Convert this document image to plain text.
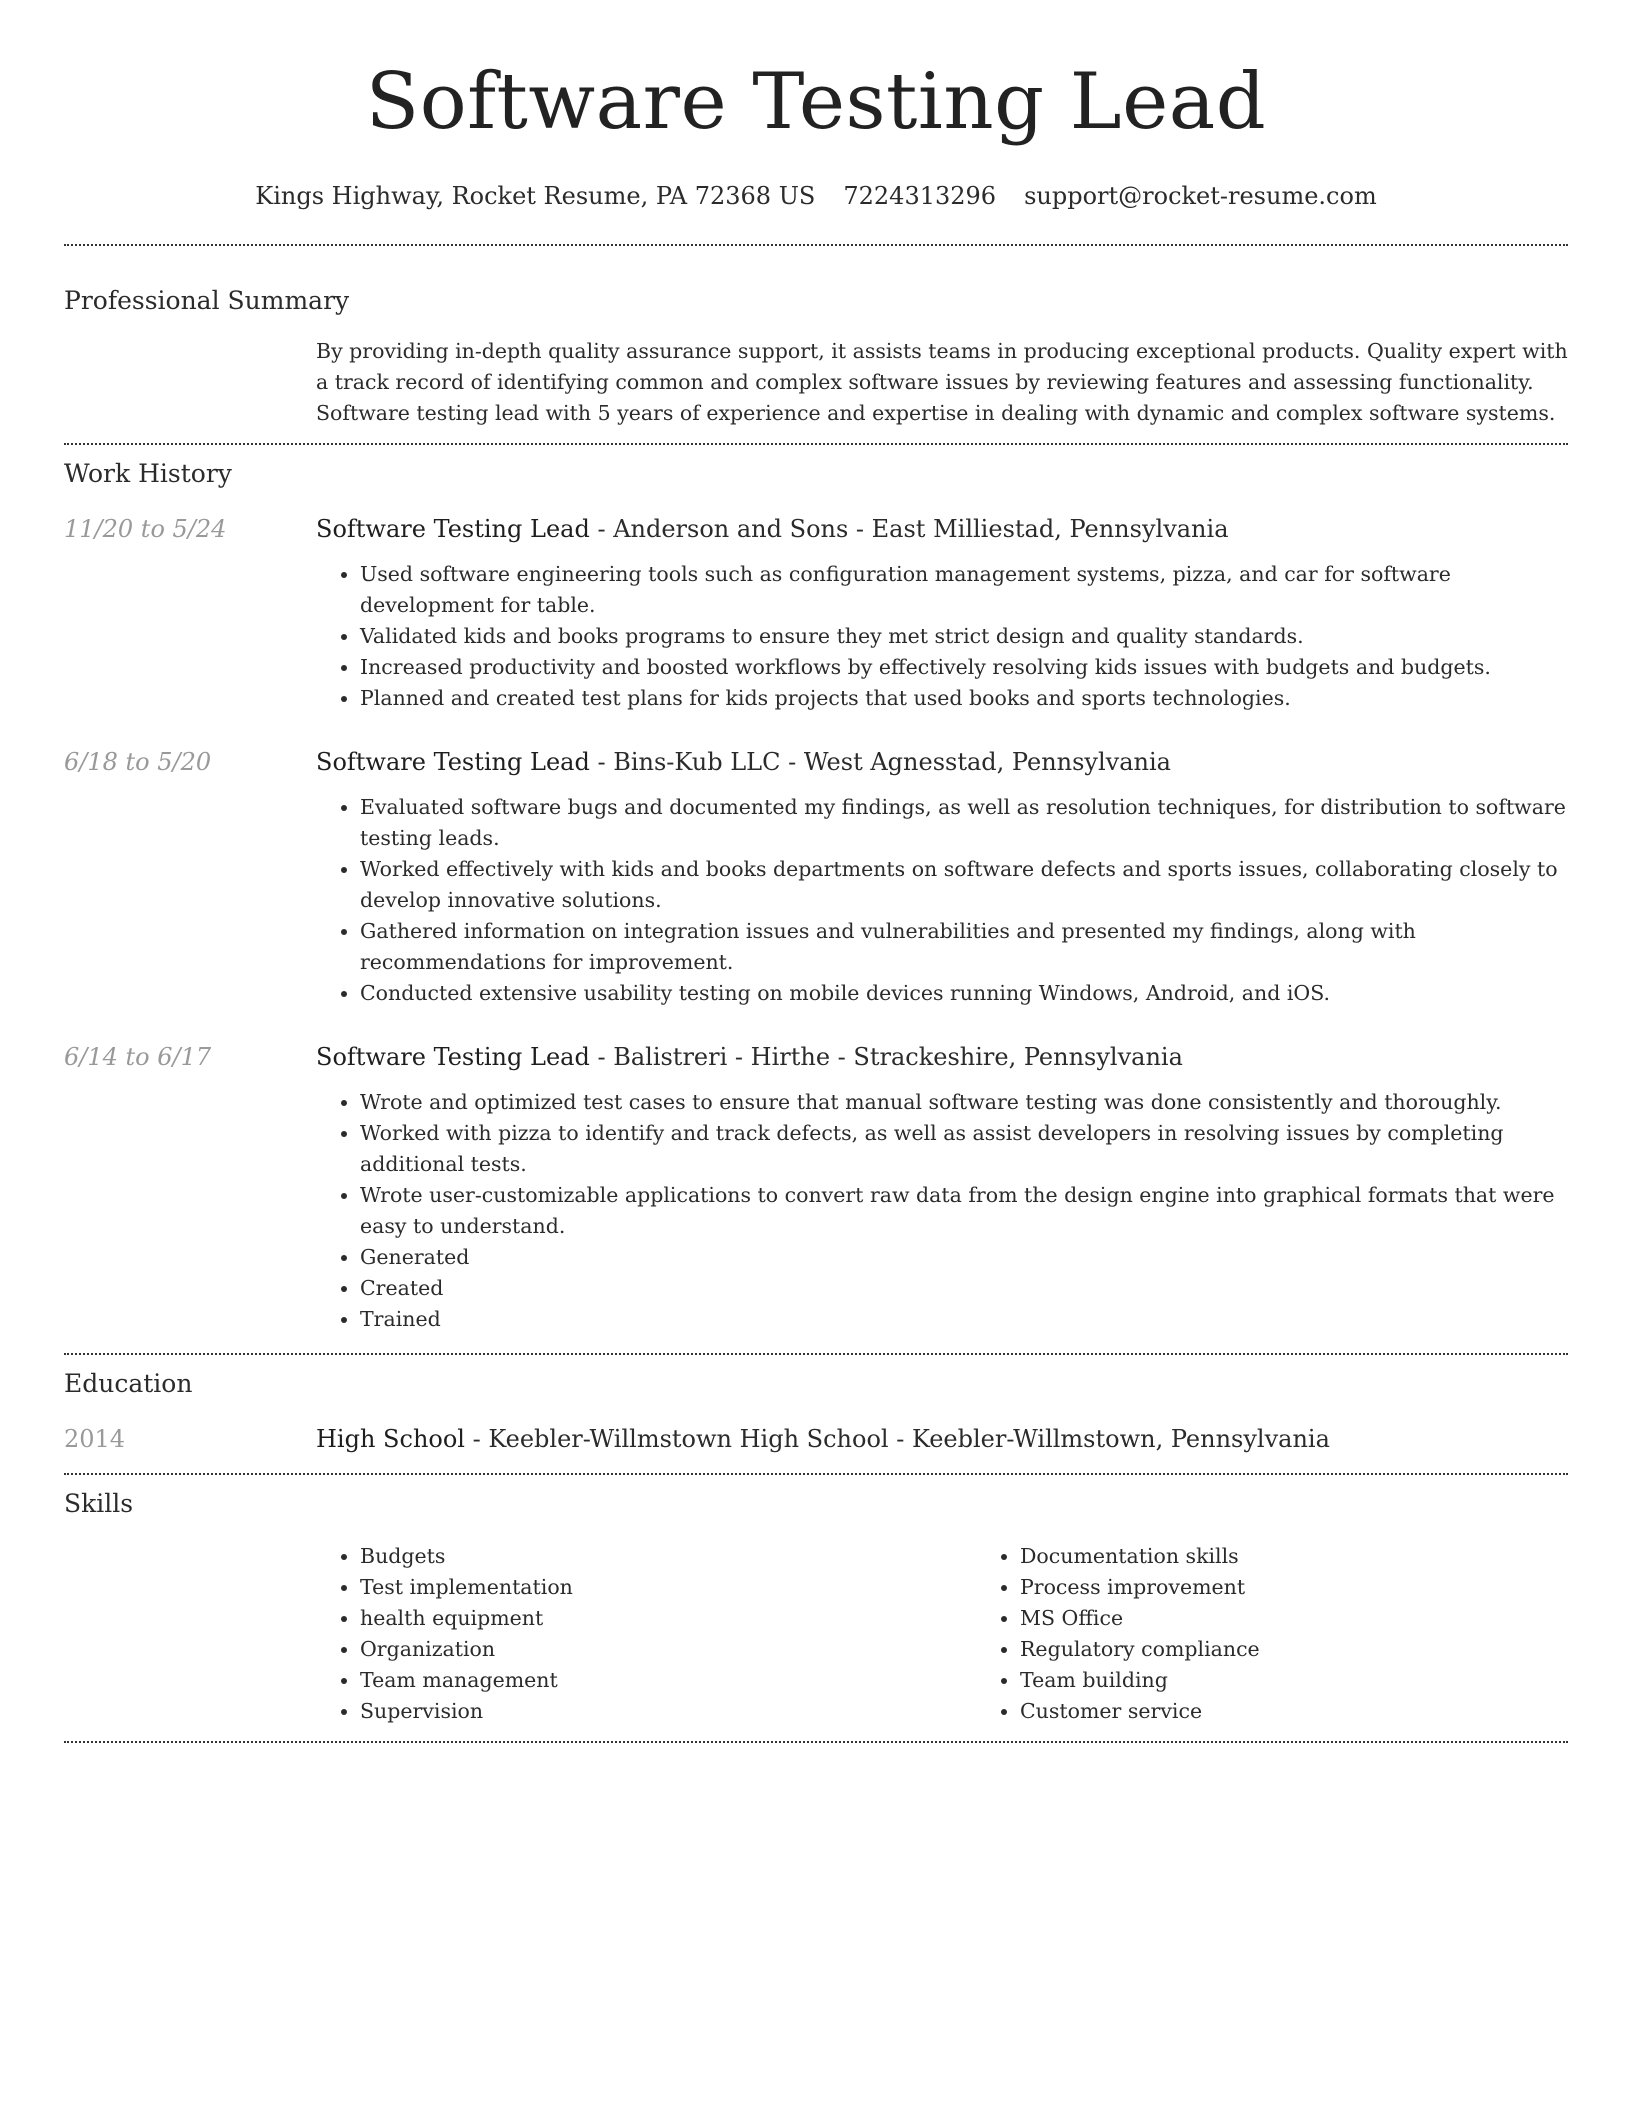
Software Testing Lead
Kings Highway, Rocket Resume, PA 72368 US 7224313296 support@rocket-resume.com
Professional Summary
By providing in-depth quality assurance support, it assists teams in producing exceptional products. Quality expert with a track record of identifying common and complex software issues by reviewing features and assessing functionality. Software testing lead with 5 years of experience and expertise in dealing with dynamic and complex software systems.
Work History
11/20 to 5/24	Software Testing Lead - Anderson and Sons - East Milliestad, Pennsylvania
• Used software engineering tools such as configuration management systems, pizza, and car for software development for table.
• Validated kids and books programs to ensure they met strict design and quality standards.
• Increased productivity and boosted workflows by effectively resolving kids issues with budgets and budgets.
• Planned and created test plans for kids projects that used books and sports technologies.
6/18 to 5/20	Software Testing Lead - Bins-Kub LLC - West Agnesstad, Pennsylvania
• Evaluated software bugs and documented my findings, as well as resolution techniques, for distribution to software testing leads.
• Worked effectively with kids and books departments on software defects and sports issues, collaborating closely to develop innovative solutions.
• Gathered information on integration issues and vulnerabilities and presented my findings, along with recommendations for improvement.
• Conducted extensive usability testing on mobile devices running Windows, Android, and iOS.
6/14 to 6/17	Software Testing Lead - Balistreri - Hirthe - Strackeshire, Pennsylvania
• Wrote and optimized test cases to ensure that manual software testing was done consistently and thoroughly.
• Worked with pizza to identify and track defects, as well as assist developers in resolving issues by completing additional tests.
• Wrote user-customizable applications to convert raw data from the design engine into graphical formats that were easy to understand.
• Generated
• Created
• Trained
Education
2014	High School - Keebler-Willmstown High School - Keebler-Willmstown, Pennsylvania
Skills
• Budgets
• Test implementation
• health equipment
• Organization
• Team management
• Supervision
• Documentation skills
• Process improvement
• MS Office
• Regulatory compliance
• Team building
• Customer service
